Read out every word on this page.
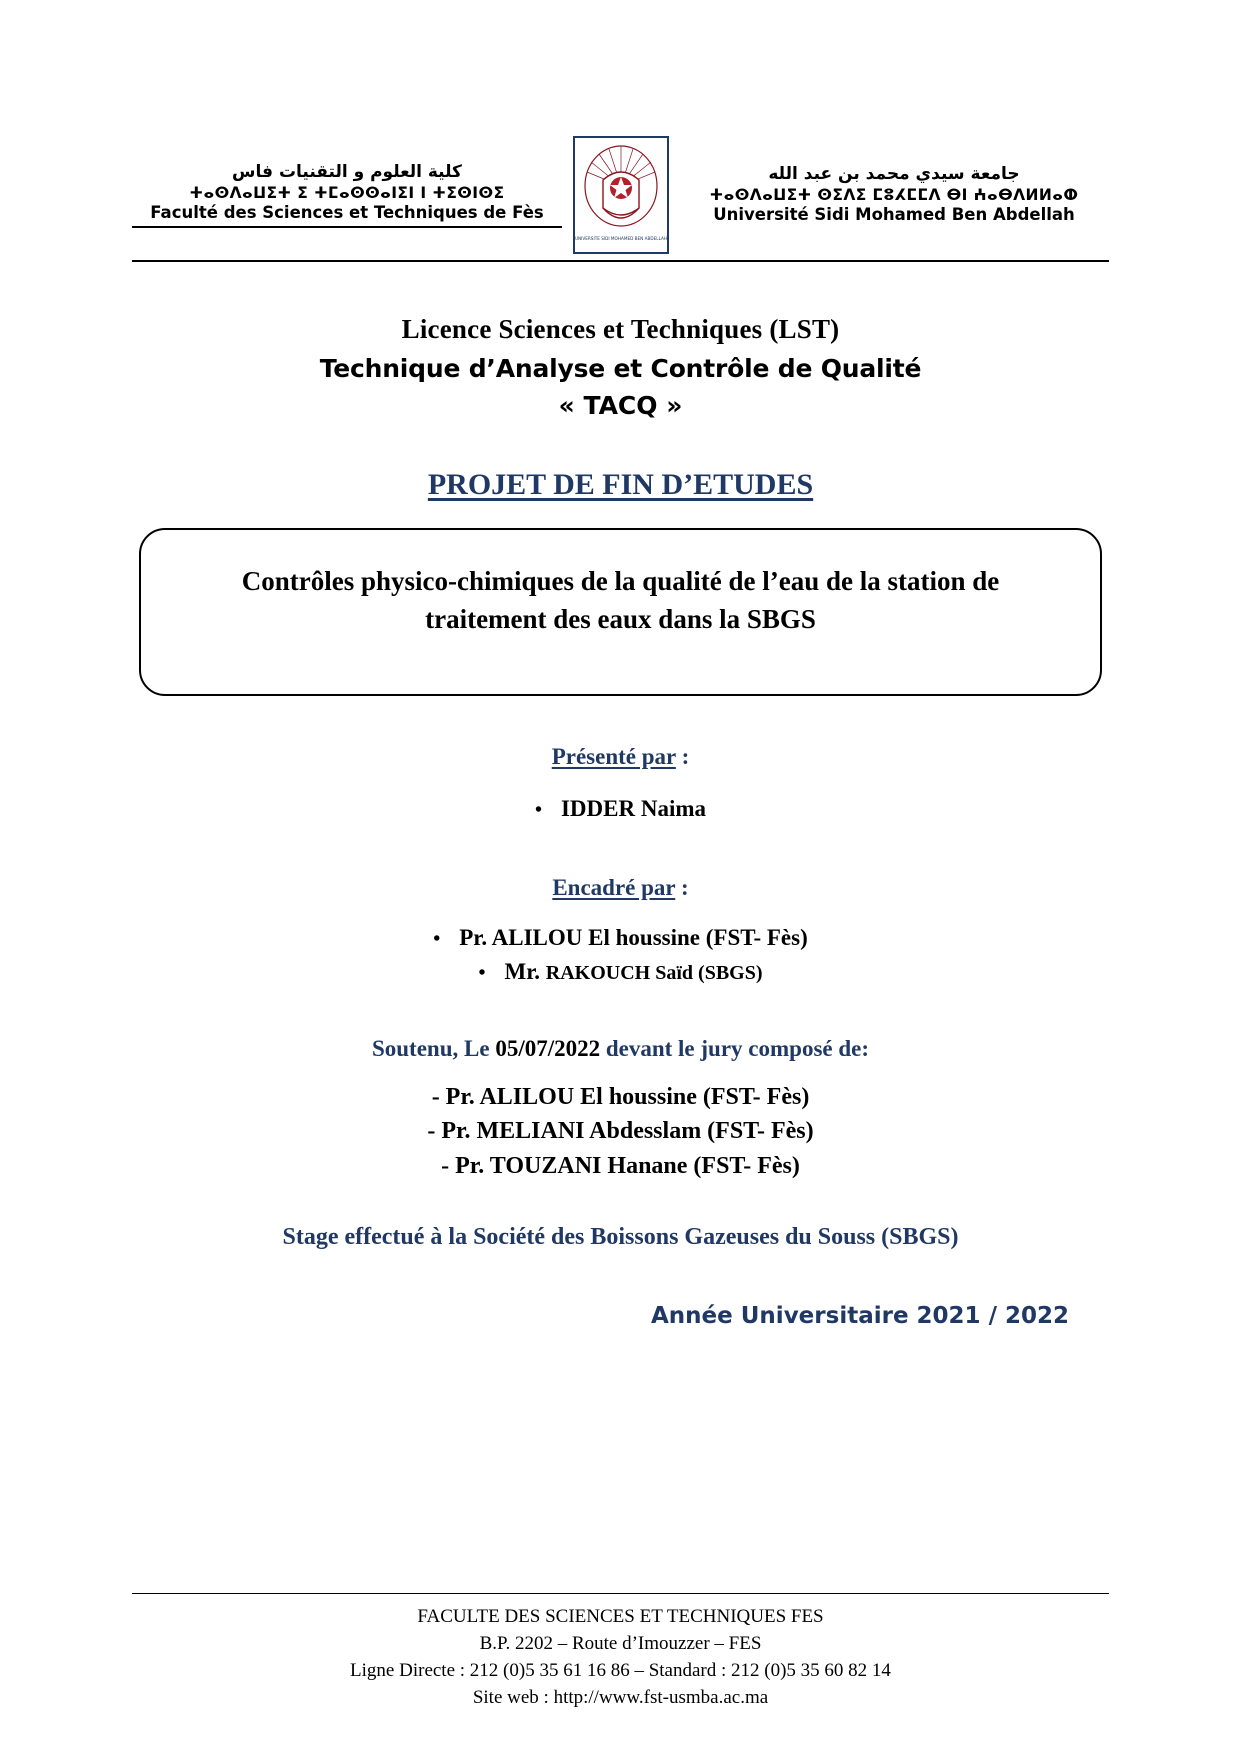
كلية العلوم و التقنيات فاس
ⵜⴰⵙⴷⴰⵡⵉⵜ ⵉ ⵜⵎⴰⵙⵙⴰⵏⵉⵏ ⵏ ⵜⵉⵙⵏⵙⵉ
Faculté des Sciences et Techniques de Fès
UNIVERSITE SIDI MOHAMED BEN ABDELLAH
جامعة سيدي محمد بن عبد الله
ⵜⴰⵙⴷⴰⵡⵉⵜ ⵙⵉⴷⵉ ⵎⵓⵃⵎⵎⴷ ⴱⵏ ⵄⴰⴱⴷⵍⵍⴰⵀ
Université Sidi Mohamed Ben Abdellah
Licence Sciences et Techniques (LST)
Technique d’Analyse et Contrôle de Qualité
« TACQ »
PROJET DE FIN D’ETUDES
Contrôles physico-chimiques de la qualité de l’eau de la station de traitement des eaux dans la SBGS
Présenté par :
• IDDER Naima
Encadré par :
• Pr. ALILOU El houssine (FST- Fès)
• Mr. RAKOUCH Saïd (SBGS)
Soutenu, Le 05/07/2022 devant le jury composé de:
- Pr. ALILOU El houssine (FST- Fès)
- Pr. MELIANI Abdesslam (FST- Fès)
- Pr. TOUZANI Hanane (FST- Fès)
Stage effectué à la Société des Boissons Gazeuses du Souss (SBGS)
Année Universitaire 2021 / 2022
FACULTE DES SCIENCES ET TECHNIQUES FES
B.P. 2202 – Route d’Imouzzer – FES
Ligne Directe : 212 (0)5 35 61 16 86 – Standard : 212 (0)5 35 60 82 14
Site web : http://www.fst-usmba.ac.ma
